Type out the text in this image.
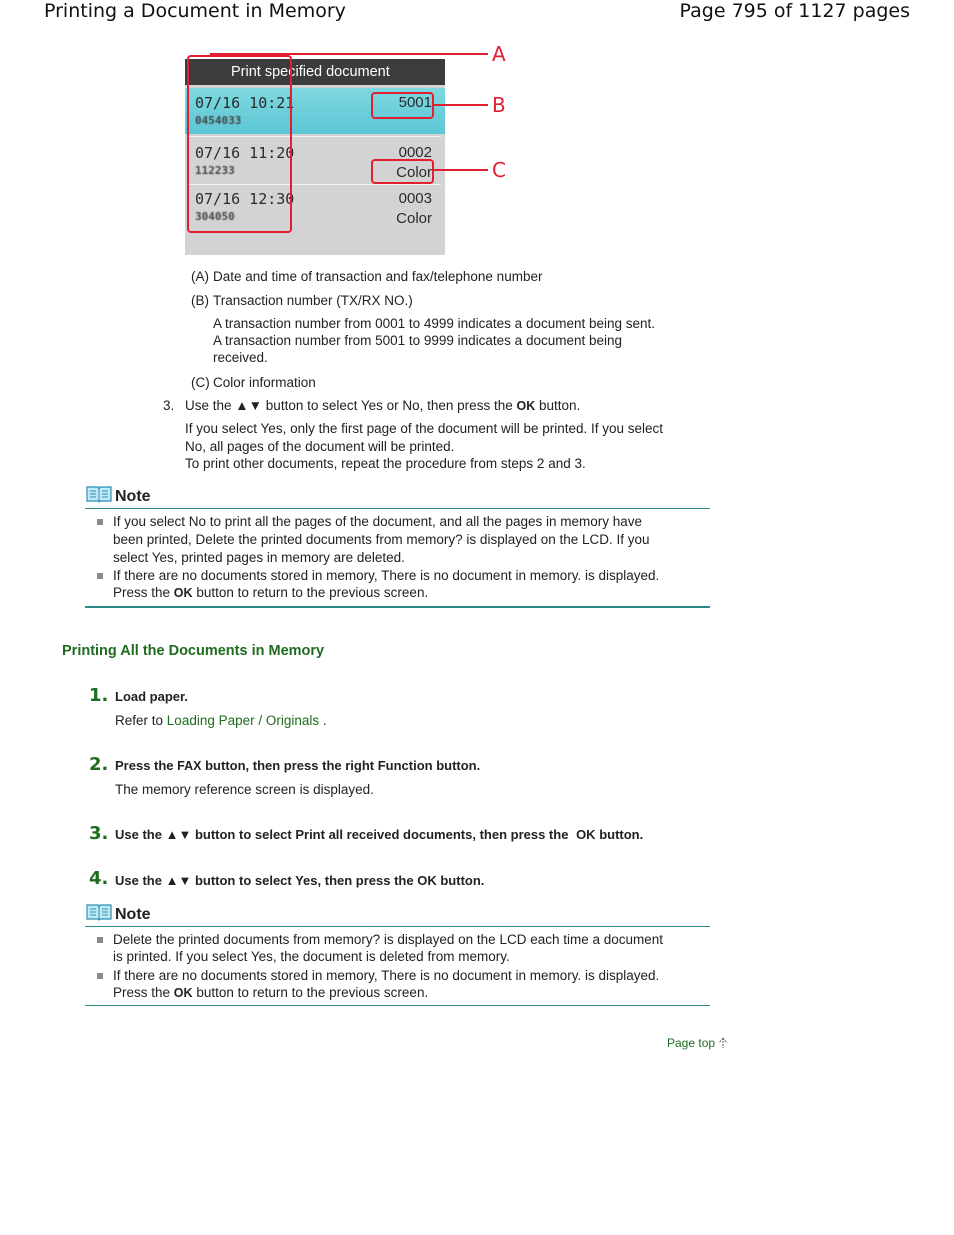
Printing a Document in Memory	Page 795 of 1127 pages
Print specified document
07/16 10:21
0454033
5001
07/16 11:20
112233
0002
Color
07/16 12:30
304050
0003
Color
A
B
C
(A) Date and time of transaction and fax/telephone number
(B) Transaction number (TX/RX NO.)
A transaction number from 0001 to 4999 indicates a document being sent.
A transaction number from 5001 to 9999 indicates a document being
received.
(C) Color information
3. Use the ▲▼ button to select Yes or No, then press the OK button.
If you select Yes, only the first page of the document will be printed. If you select
No, all pages of the document will be printed.
To print other documents, repeat the procedure from steps 2 and 3.
Note
If you select No to print all the pages of the document, and all the pages in memory have
been printed, Delete the printed documents from memory? is displayed on the LCD. If you
select Yes, printed pages in memory are deleted.
If there are no documents stored in memory, There is no document in memory. is displayed.
Press the OK button to return to the previous screen.
Printing All the Documents in Memory
1. Load paper.
Refer to Loading Paper / Originals .
2. Press the FAX button, then press the right Function button.
The memory reference screen is displayed.
3. Use the ▲▼ button to select Print all received documents, then press the OK button.
4. Use the ▲▼ button to select Yes, then press the OK button.
Note
Delete the printed documents from memory? is displayed on the LCD each time a document
is printed. If you select Yes, the document is deleted from memory.
If there are no documents stored in memory, There is no document in memory. is displayed.
Press the OK button to return to the previous screen.
Page top
